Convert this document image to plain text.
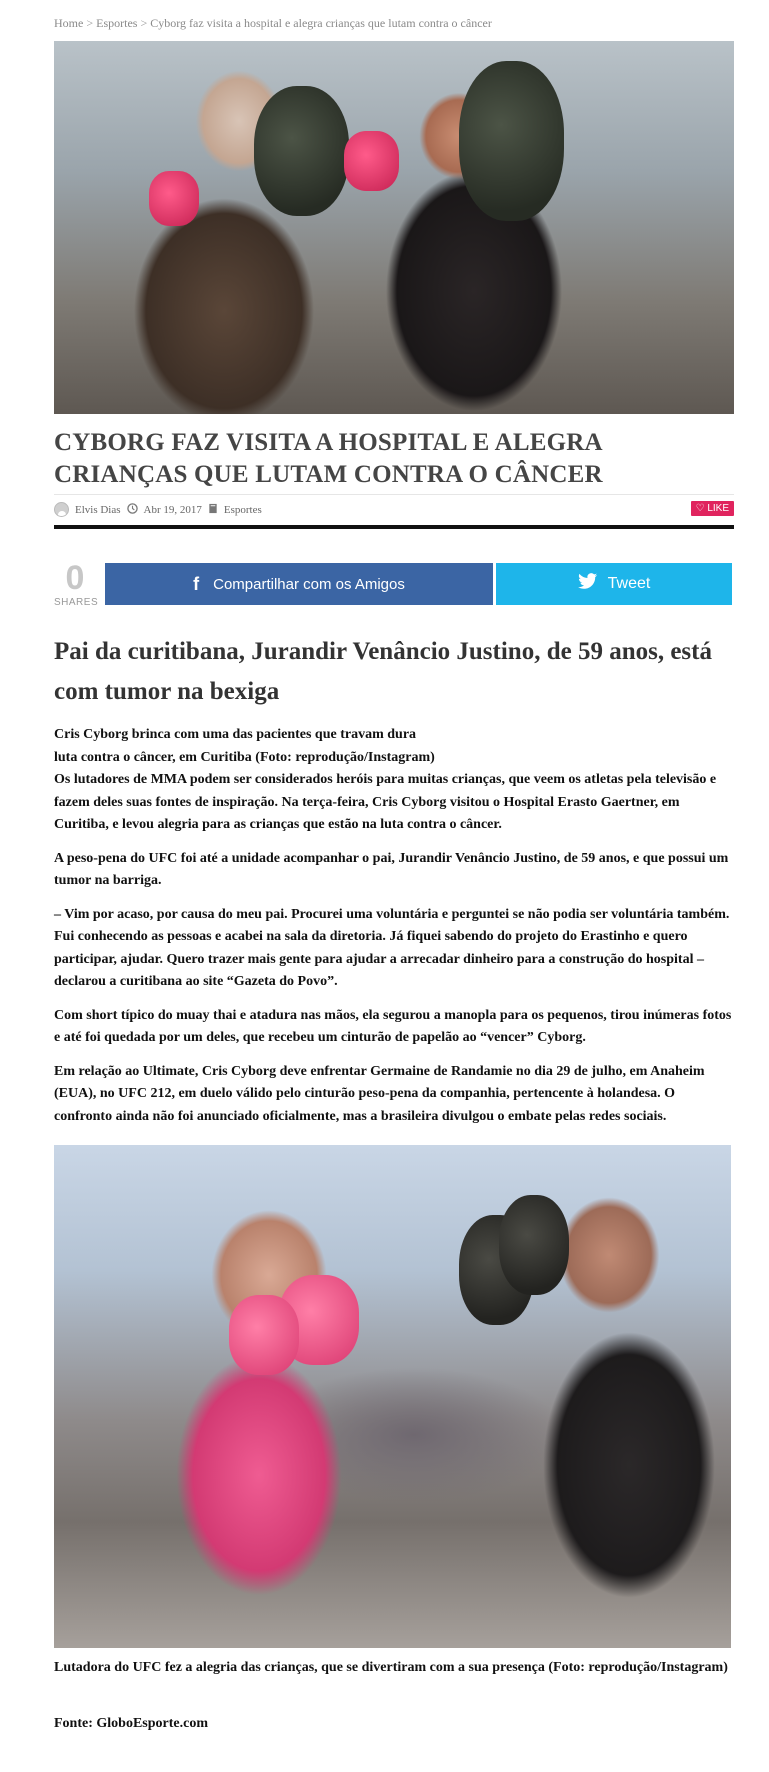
Home > Esportes > Cyborg faz visita a hospital e alegra crianças que lutam contra o câncer
CYBORG FAZ VISITA A HOSPITAL E ALEGRA CRIANÇAS QUE LUTAM CONTRA O CÂNCER
Elvis Dias Abr 19, 2017 Esportes	♡ LIKE
0
SHARES
f Compartilhar com os Amigos	Tweet
Pai da curitibana, Jurandir Venâncio Justino, de 59 anos, está com tumor na bexiga

Cris Cyborg brinca com uma das pacientes que travam dura
luta contra o câncer, em Curitiba (Foto: reprodução/Instagram)
Os lutadores de MMA podem ser considerados heróis para muitas crianças, que veem os atletas pela televisão e fazem deles suas fontes de inspiração. Na terça-feira, Cris Cyborg visitou o Hospital Erasto Gaertner, em Curitiba, e levou alegria para as crianças que estão na luta contra o câncer.

A peso-pena do UFC foi até a unidade acompanhar o pai, Jurandir Venâncio Justino, de 59 anos, e que possui um tumor na barriga.

– Vim por acaso, por causa do meu pai. Procurei uma voluntária e perguntei se não podia ser voluntária também. Fui conhecendo as pessoas e acabei na sala da diretoria. Já fiquei sabendo do projeto do Erastinho e quero participar, ajudar. Quero trazer mais gente para ajudar a arrecadar dinheiro para a construção do hospital – declarou a curitibana ao site “Gazeta do Povo”.

Com short típico do muay thai e atadura nas mãos, ela segurou a manopla para os pequenos, tirou inúmeras fotos e até foi quedada por um deles, que recebeu um cinturão de papelão ao “vencer” Cyborg.

Em relação ao Ultimate, Cris Cyborg deve enfrentar Germaine de Randamie no dia 29 de julho, em Anaheim (EUA), no UFC 212, em duelo válido pelo cinturão peso-pena da companhia, pertencente à holandesa. O confronto ainda não foi anunciado oficialmente, mas a brasileira divulgou o embate pelas redes sociais.

Lutadora do UFC fez a alegria das crianças, que se divertiram com a sua presença (Foto: reprodução/Instagram)
Fonte: GloboEsporte.com
